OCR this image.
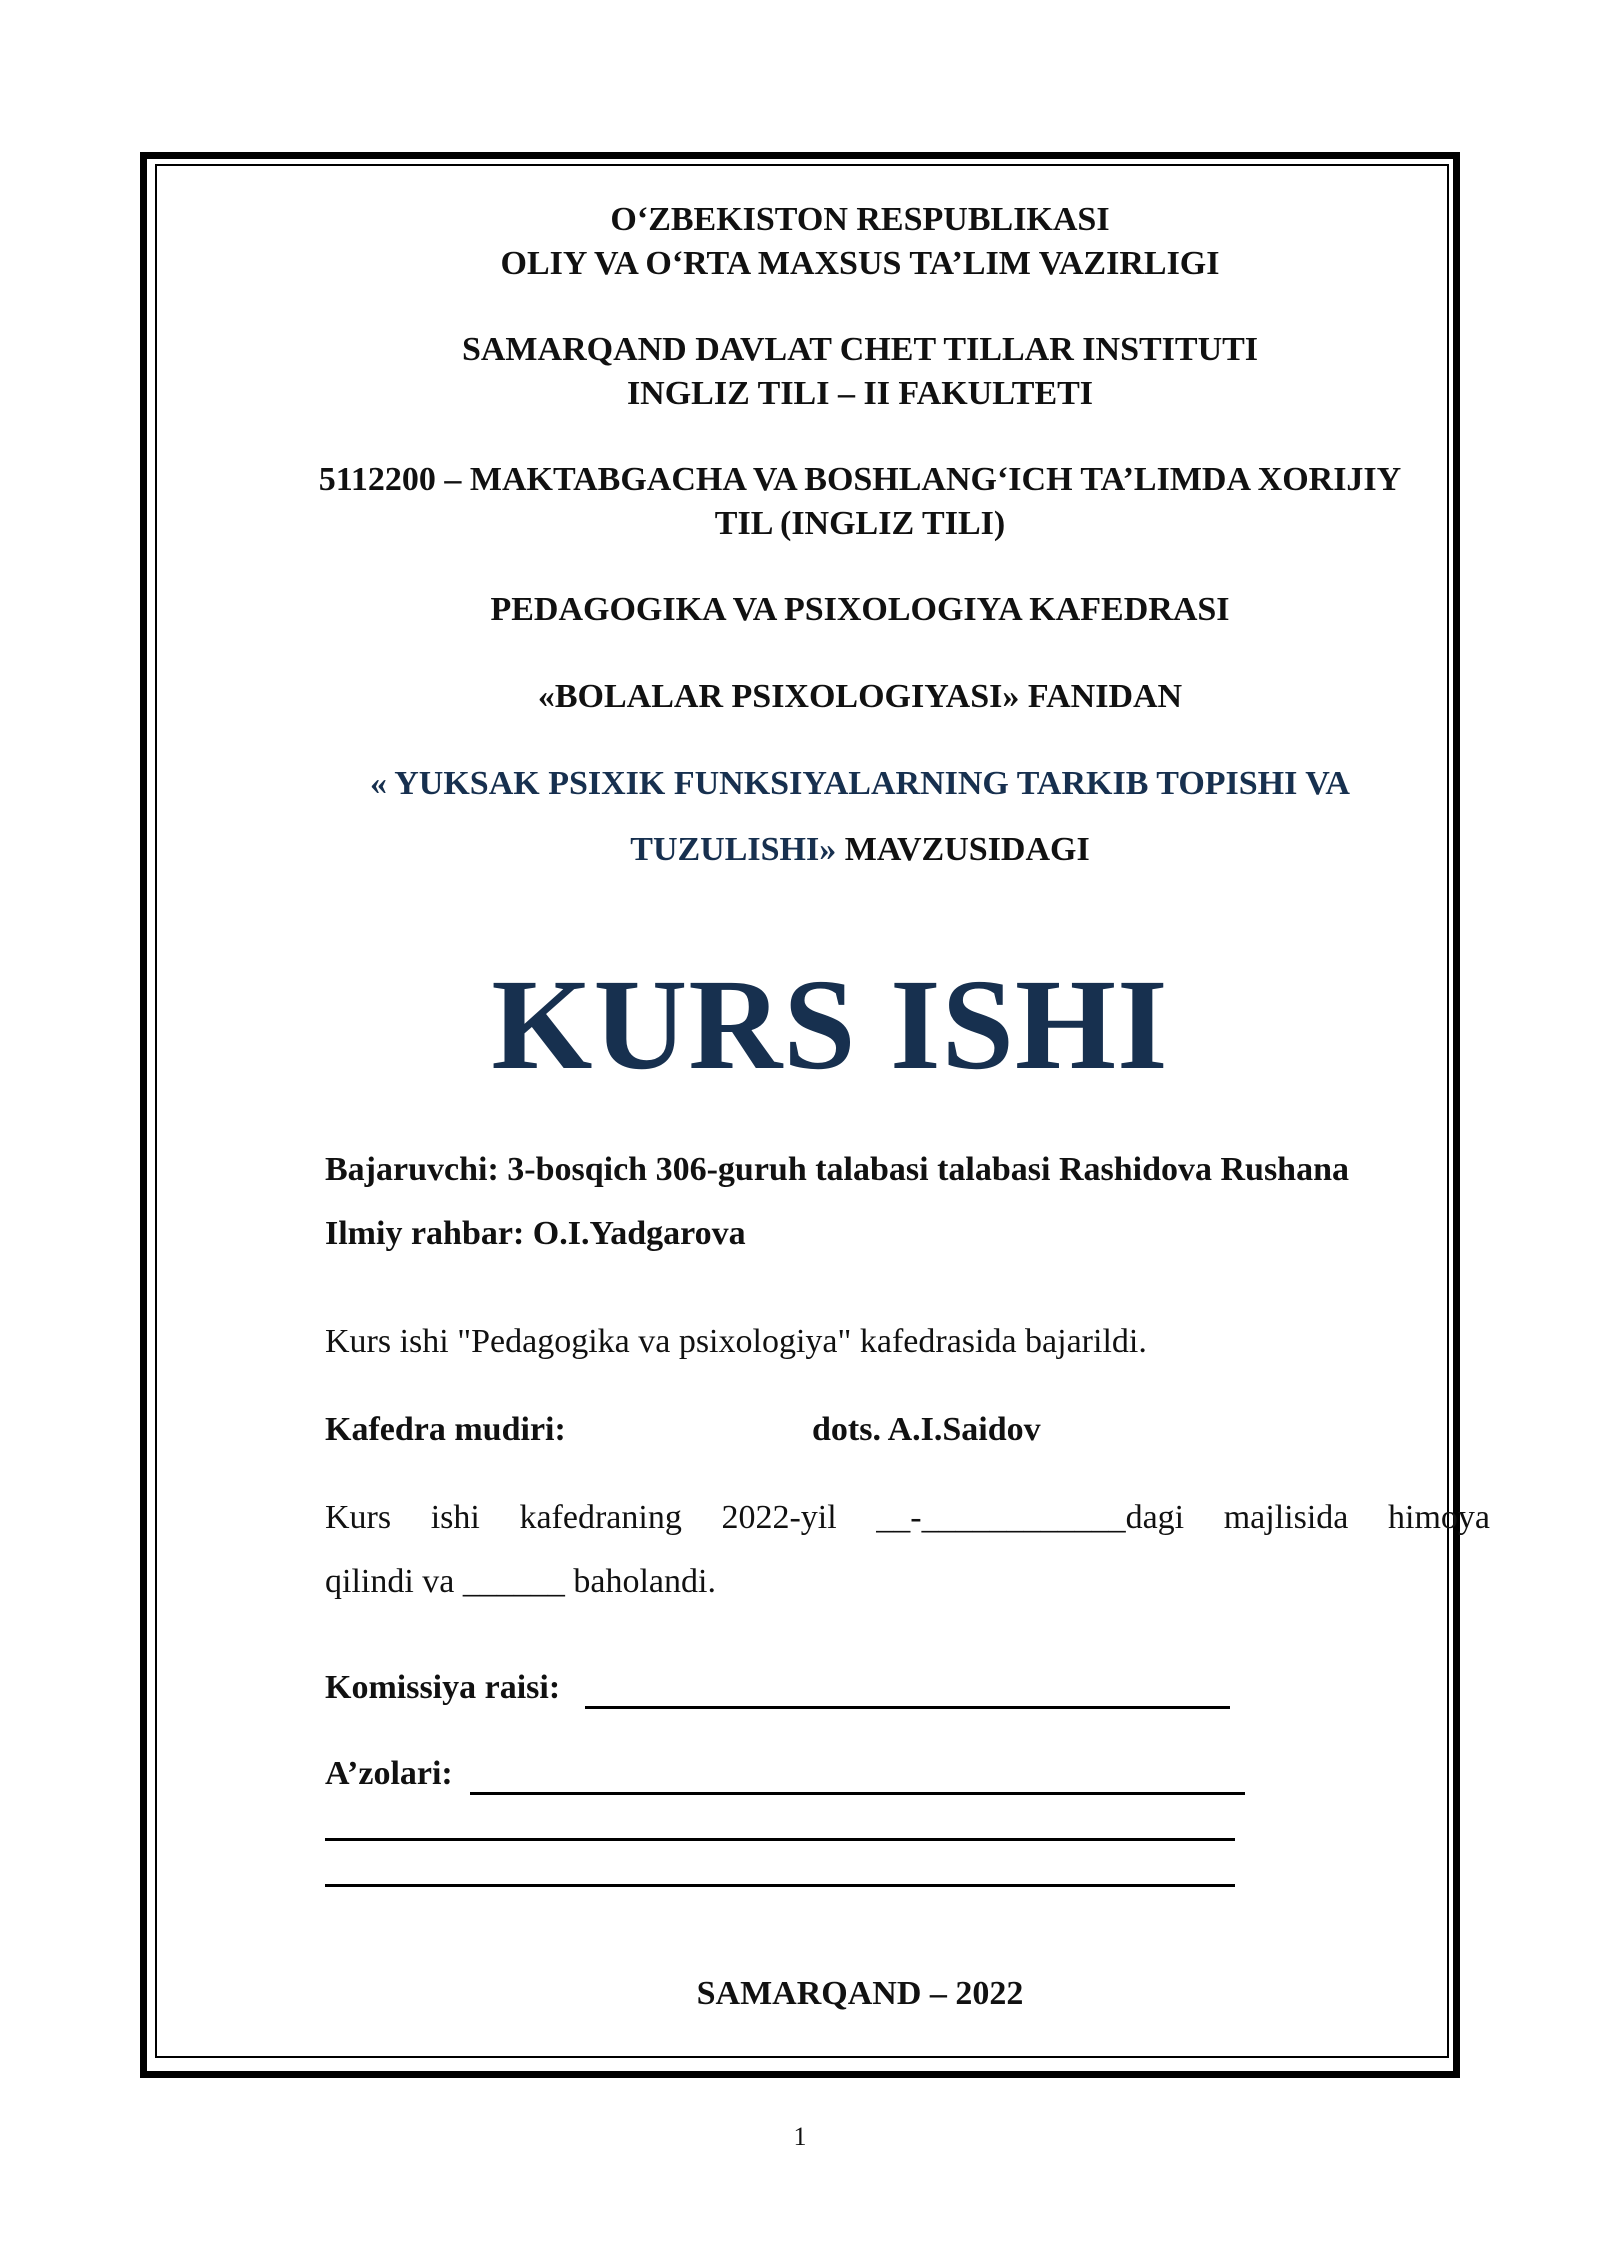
O‘ZBEKISTON RESPUBLIKASI
OLIY VA O‘RTA MAXSUS TA’LIM VAZIRLIGI
SAMARQAND DAVLAT CHET TILLAR INSTITUTI
INGLIZ TILI – II FAKULTETI
5112200 – MAKTABGACHA VA BOSHLANG‘ICH TA’LIMDA XORIJIY
TIL (INGLIZ TILI)
PEDAGOGIKA VA PSIXOLOGIYA KAFEDRASI
«BOLALAR PSIXOLOGIYASI» FANIDAN
« YUKSAK PSIXIK FUNKSIYALARNING TARKIB TOPISHI VA
TUZULISHI» MAVZUSIDAGI
KURS ISHI
Bajaruvchi: 3-bosqich 306-guruh talabasi talabasi Rashidova Rushana
Ilmiy rahbar: O.I.Yadgarova
Kurs ishi "Pedagogika va psixologiya" kafedrasida bajarildi.
Kafedra mudiri:	dots. A.I.Saidov
Kurs ishi kafedraning 2022-yil __-____________dagi majlisida himoya
qilindi va ______ baholandi.
Komissiya raisi:
A’zolari:
SAMARQAND – 2022
1
